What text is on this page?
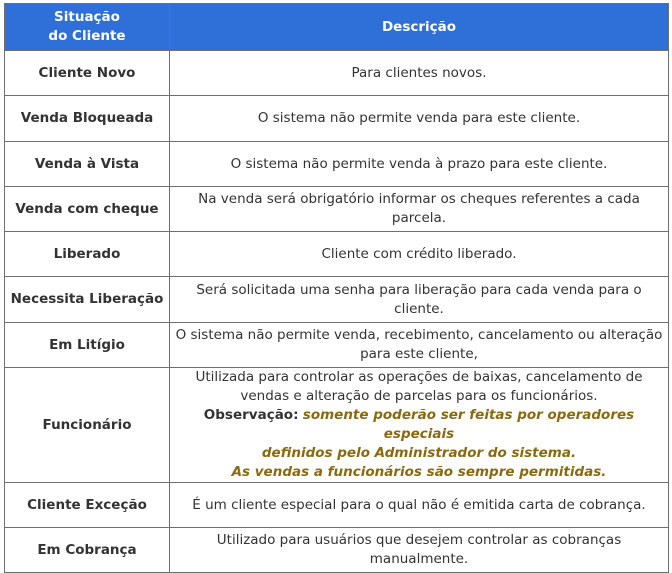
Situação
do Cliente	Descrição
Cliente Novo	Para clientes novos.
Venda Bloqueada	O sistema não permite venda para este cliente.
Venda à Vista	O sistema não permite venda à prazo para este cliente.
Venda com cheque	Na venda será obrigatório informar os cheques referentes a cada
parcela.
Liberado	Cliente com crédito liberado.
Necessita Liberação	Será solicitada uma senha para liberação para cada venda para o
cliente.
Em Litígio	O sistema não permite venda, recebimento, cancelamento ou alteração
para este cliente,
Funcionário	Utilizada para controlar as operações de baixas, cancelamento de
vendas e alteração de parcelas para os funcionários.
Observação: somente poderão ser feitas por operadores especiais
definidos pelo Administrador do sistema.
As vendas a funcionários são sempre permitidas.
Cliente Exceção	É um cliente especial para o qual não é emitida carta de cobrança.
Em Cobrança	Utilizado para usuários que desejem controlar as cobranças
manualmente.
